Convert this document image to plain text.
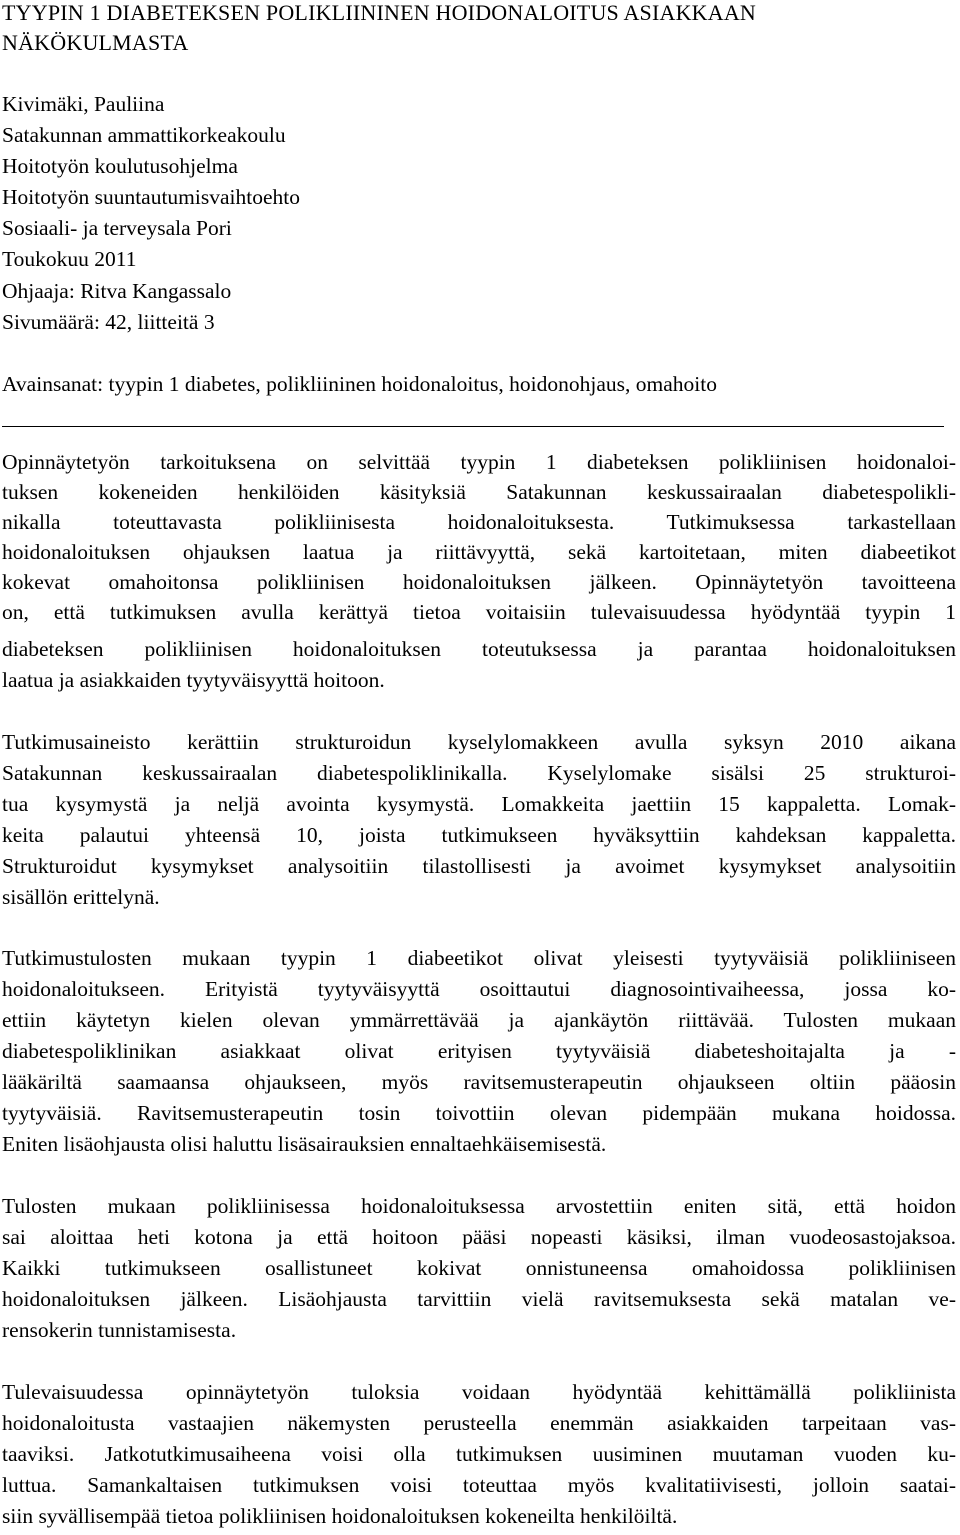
TYYPIN 1 DIABETEKSEN POLIKLIININEN HOIDONALOITUS ASIAKKAAN
NÄKÖKULMASTA
Kivimäki, Pauliina
Satakunnan ammattikorkeakoulu
Hoitotyön koulutusohjelma
Hoitotyön suuntautumisvaihtoehto
Sosiaali- ja terveysala Pori
Toukokuu 2011
Ohjaaja: Ritva Kangassalo
Sivumäärä: 42, liitteitä 3
Avainsanat: tyypin 1 diabetes, polikliininen hoidonaloitus, hoidonohjaus, omahoito
Opinnäytetyön tarkoituksena on selvittää tyypin 1 diabeteksen polikliinisen hoidonaloi-
tuksen kokeneiden henkilöiden käsityksiä Satakunnan keskussairaalan diabetespolikli-
nikalla toteuttavasta polikliinisesta hoidonaloituksesta. Tutkimuksessa tarkastellaan
hoidonaloituksen ohjauksen laatua ja riittävyyttä, sekä kartoitetaan, miten diabeetikot
kokevat omahoitonsa polikliinisen hoidonaloituksen jälkeen. Opinnäytetyön tavoitteena
on, että tutkimuksen avulla kerättyä tietoa voitaisiin tulevaisuudessa hyödyntää tyypin 1
diabeteksen polikliinisen hoidonaloituksen toteutuksessa ja parantaa hoidonaloituksen
laatua ja asiakkaiden tyytyväisyyttä hoitoon.
Tutkimusaineisto kerättiin strukturoidun kyselylomakkeen avulla syksyn 2010 aikana
Satakunnan keskussairaalan diabetespoliklinikalla. Kyselylomake sisälsi 25 strukturoi-
tua kysymystä ja neljä avointa kysymystä. Lomakkeita jaettiin 15 kappaletta. Lomak-
keita palautui yhteensä 10, joista tutkimukseen hyväksyttiin kahdeksan kappaletta.
Strukturoidut kysymykset analysoitiin tilastollisesti ja avoimet kysymykset analysoitiin
sisällön erittelynä.
Tutkimustulosten mukaan tyypin 1 diabeetikot olivat yleisesti tyytyväisiä polikliiniseen
hoidonaloitukseen. Erityistä tyytyväisyyttä osoittautui diagnosointivaiheessa, jossa ko-
ettiin käytetyn kielen olevan ymmärrettävää ja ajankäytön riittävää. Tulosten mukaan
diabetespoliklinikan asiakkaat olivat erityisen tyytyväisiä diabeteshoitajalta ja -
lääkäriltä saamaansa ohjaukseen, myös ravitsemusterapeutin ohjaukseen oltiin pääosin
tyytyväisiä. Ravitsemusterapeutin tosin toivottiin olevan pidempään mukana hoidossa.
Eniten lisäohjausta olisi haluttu lisäsairauksien ennaltaehkäisemisestä.
Tulosten mukaan polikliinisessa hoidonaloituksessa arvostettiin eniten sitä, että hoidon
sai aloittaa heti kotona ja että hoitoon pääsi nopeasti käsiksi, ilman vuodeosastojaksoa.
Kaikki tutkimukseen osallistuneet kokivat onnistuneensa omahoidossa polikliinisen
hoidonaloituksen jälkeen. Lisäohjausta tarvittiin vielä ravitsemuksesta sekä matalan ve-
rensokerin tunnistamisesta.
Tulevaisuudessa opinnäytetyön tuloksia voidaan hyödyntää kehittämällä polikliinista
hoidonaloitusta vastaajien näkemysten perusteella enemmän asiakkaiden tarpeitaan vas-
taaviksi. Jatkotutkimusaiheena voisi olla tutkimuksen uusiminen muutaman vuoden ku-
luttua. Samankaltaisen tutkimuksen voisi toteuttaa myös kvalitatiivisesti, jolloin saatai-
siin syvällisempää tietoa polikliinisen hoidonaloituksen kokeneilta henkilöiltä.
